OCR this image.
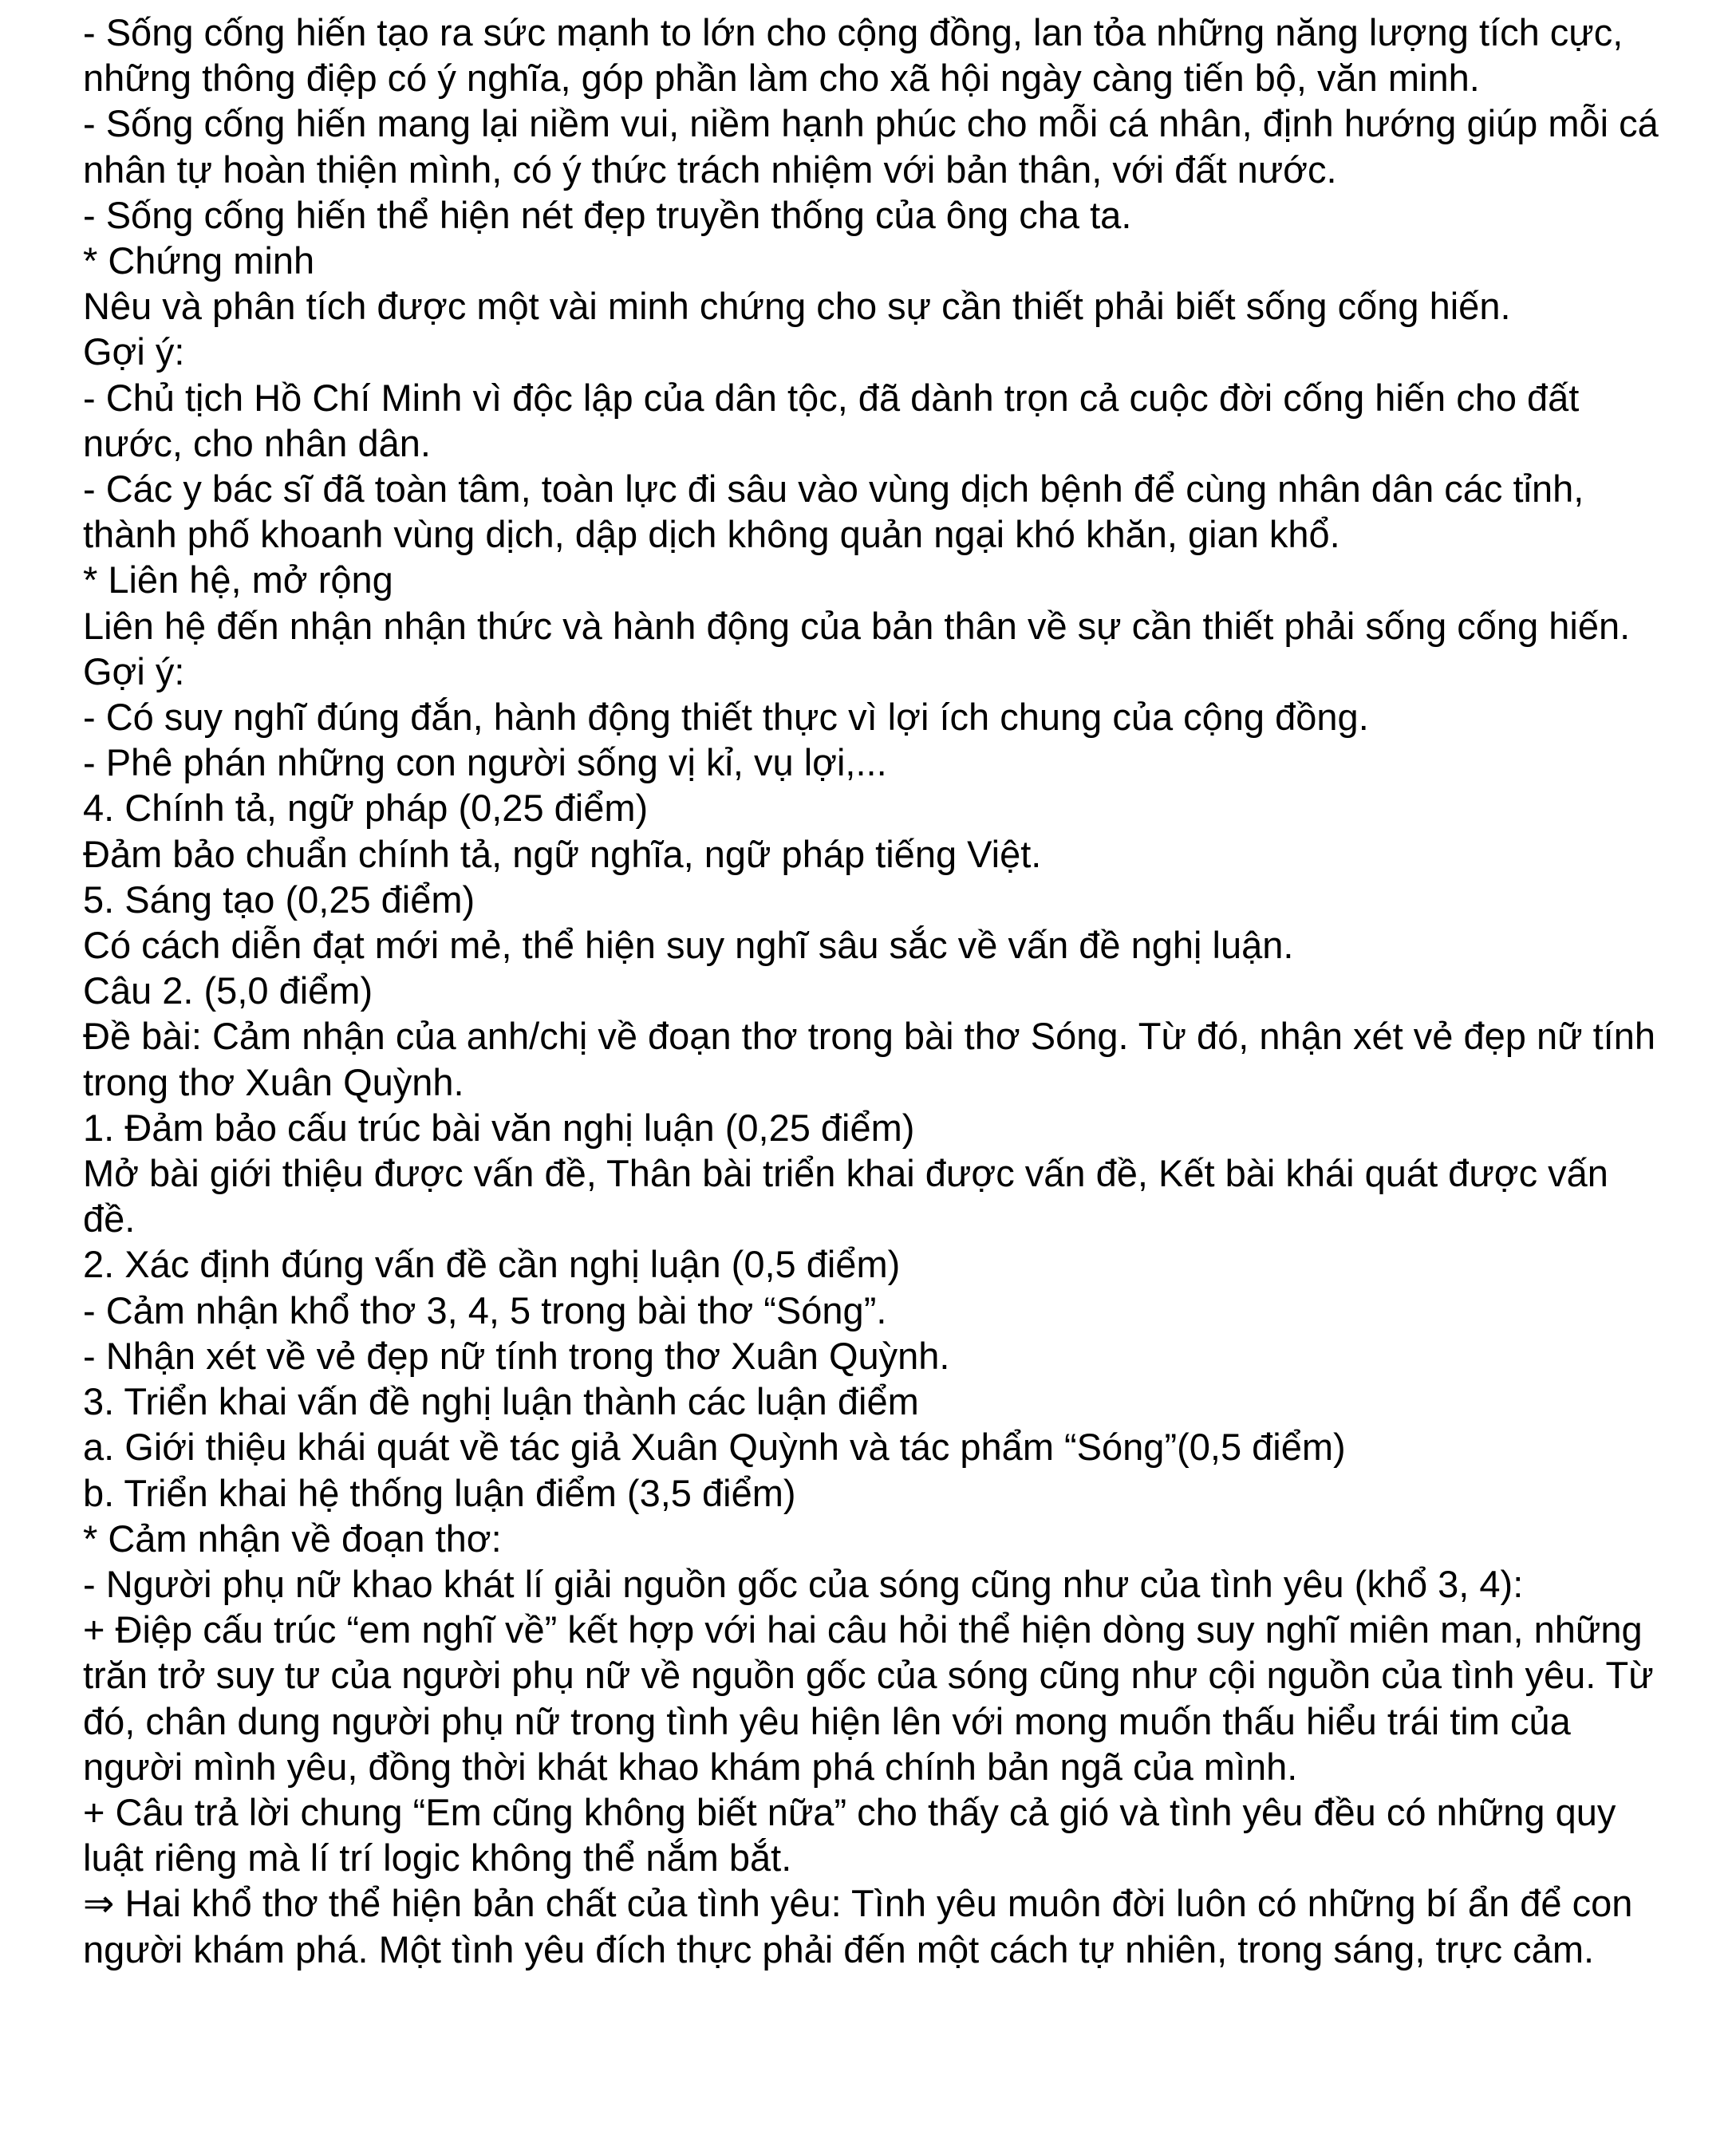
- Sống cống hiến tạo ra sức mạnh to lớn cho cộng đồng, lan tỏa những năng lượng tích cực, những thông điệp có ý nghĩa, góp phần làm cho xã hội ngày càng tiến bộ, văn minh.

- Sống cống hiến mang lại niềm vui, niềm hạnh phúc cho mỗi cá nhân, định hướng giúp mỗi cá nhân tự hoàn thiện mình, có ý thức trách nhiệm với bản thân, với đất nước.

- Sống cống hiến thể hiện nét đẹp truyền thống của ông cha ta.

* Chứng minh

Nêu và phân tích được một vài minh chứng cho sự cần thiết phải biết sống cống hiến.

Gợi ý:

- Chủ tịch Hồ Chí Minh vì độc lập của dân tộc, đã dành trọn cả cuộc đời cống hiến cho đất nước, cho nhân dân.

- Các y bác sĩ đã toàn tâm, toàn lực đi sâu vào vùng dịch bệnh để cùng nhân dân các tỉnh, thành phố khoanh vùng dịch, dập dịch không quản ngại khó khăn, gian khổ.

* Liên hệ, mở rộng

Liên hệ đến nhận nhận thức và hành động của bản thân về sự cần thiết phải sống cống hiến. Gợi ý:

- Có suy nghĩ đúng đắn, hành động thiết thực vì lợi ích chung của cộng đồng.

- Phê phán những con người sống vị kỉ, vụ lợi,...

4. Chính tả, ngữ pháp (0,25 điểm)

Đảm bảo chuẩn chính tả, ngữ nghĩa, ngữ pháp tiếng Việt.

5. Sáng tạo (0,25 điểm)

Có cách diễn đạt mới mẻ, thể hiện suy nghĩ sâu sắc về vấn đề nghị luận.

Câu 2. (5,0 điểm)

Đề bài: Cảm nhận của anh/chị về đoạn thơ trong bài thơ Sóng. Từ đó, nhận xét vẻ đẹp nữ tính trong thơ Xuân Quỳnh.

1. Đảm bảo cấu trúc bài văn nghị luận (0,25 điểm)

Mở bài giới thiệu được vấn đề, Thân bài triển khai được vấn đề, Kết bài khái quát được vấn đề.

2. Xác định đúng vấn đề cần nghị luận (0,5 điểm)

- Cảm nhận khổ thơ 3, 4, 5 trong bài thơ “Sóng”.

- Nhận xét về vẻ đẹp nữ tính trong thơ Xuân Quỳnh.

3. Triển khai vấn đề nghị luận thành các luận điểm

a. Giới thiệu khái quát về tác giả Xuân Quỳnh và tác phẩm “Sóng”(0,5 điểm)

b. Triển khai hệ thống luận điểm (3,5 điểm)

* Cảm nhận về đoạn thơ:

- Người phụ nữ khao khát lí giải nguồn gốc của sóng cũng như của tình yêu (khổ 3, 4):

+ Điệp cấu trúc “em nghĩ về” kết hợp với hai câu hỏi thể hiện dòng suy nghĩ miên man, những trăn trở suy tư của người phụ nữ về nguồn gốc của sóng cũng như cội nguồn của tình yêu. Từ đó, chân dung người phụ nữ trong tình yêu hiện lên với mong muốn thấu hiểu trái tim của người mình yêu, đồng thời khát khao khám phá chính bản ngã của mình.

+ Câu trả lời chung “Em cũng không biết nữa” cho thấy cả gió và tình yêu đều có những quy luật riêng mà lí trí logic không thể nắm bắt.

⇒ Hai khổ thơ thể hiện bản chất của tình yêu: Tình yêu muôn đời luôn có những bí ẩn để con người khám phá. Một tình yêu đích thực phải đến một cách tự nhiên, trong sáng, trực cảm.
